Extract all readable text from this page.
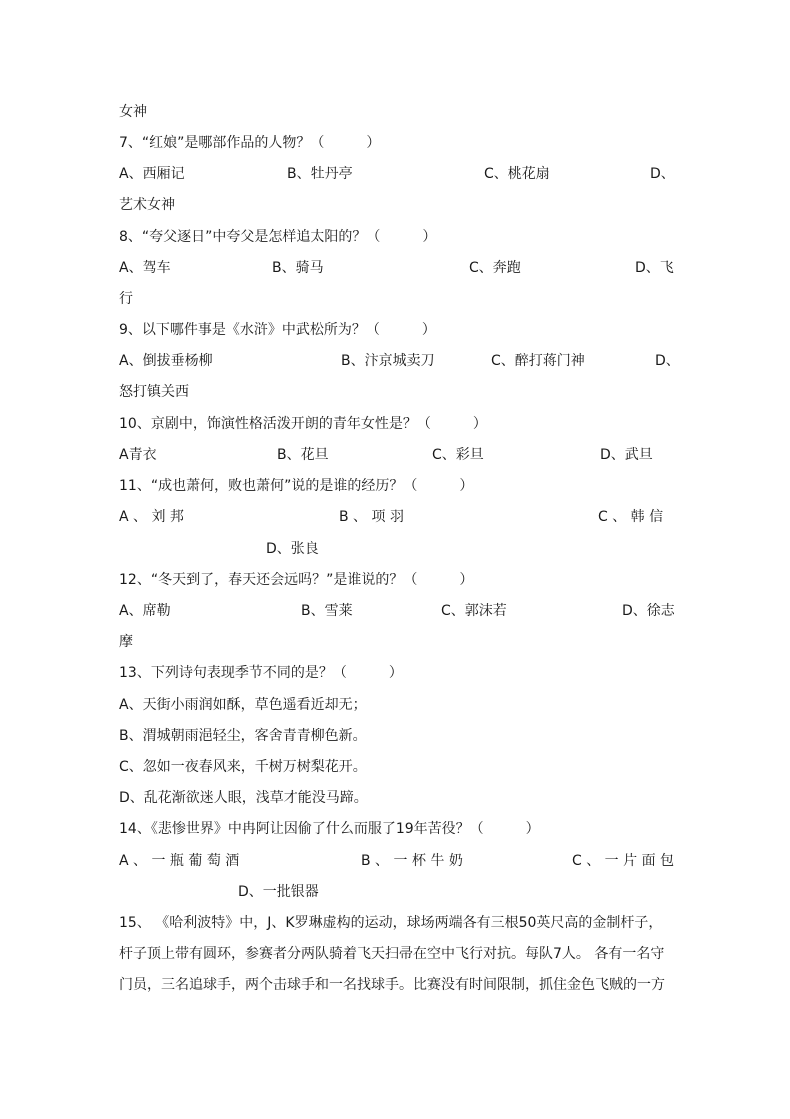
女神
7、“红娘”是哪部作品的人物？（　　　）
A、西厢记	B、牡丹亭	C、桃花扇	D、
艺术女神
8、“夸父逐日”中夸父是怎样追太阳的？（　　　）
A、驾车	B、骑马	C、奔跑	D、飞
行
9、以下哪件事是《水浒》中武松所为？（　　　）
A、倒拔垂杨柳	B、汴京城卖刀	C、醉打蒋门神	D、
怒打镇关西
10、京剧中，饰演性格活泼开朗的青年女性是？（　　　）
A青衣	B、花旦	C、彩旦	D、武旦
11、“成也萧何，败也萧何”说的是谁的经历？（　　　）
A 、 刘 邦	B 、 项 羽	C 、 韩 信
D、张良
12、“冬天到了，春天还会远吗？”是谁说的？（　　　）
A、席勒	B、雪莱	C、郭沫若	D、徐志
摩
13、下列诗句表现季节不同的是？（　　　）
A、天街小雨润如酥，草色遥看近却无；
B、渭城朝雨浥轻尘，客舍青青柳色新。
C、忽如一夜春风来，千树万树梨花开。
D、乱花渐欲迷人眼，浅草才能没马蹄。
14、《悲惨世界》中冉阿让因偷了什么而服了19年苦役？（　　　）
A 、 一 瓶 葡 萄 酒	B 、 一 杯 牛 奶	C 、 一 片 面 包
D、一批银器
15、 《哈利波特》中，J、K罗琳虚构的运动，球场两端各有三根50英尺高的金制杆子，
杆子顶上带有圆环，参赛者分两队骑着飞天扫帚在空中飞行对抗。每队7人。 各有一名守
门员，三名追球手，两个击球手和一名找球手。比赛没有时间限制，抓住金色飞贼的一方
